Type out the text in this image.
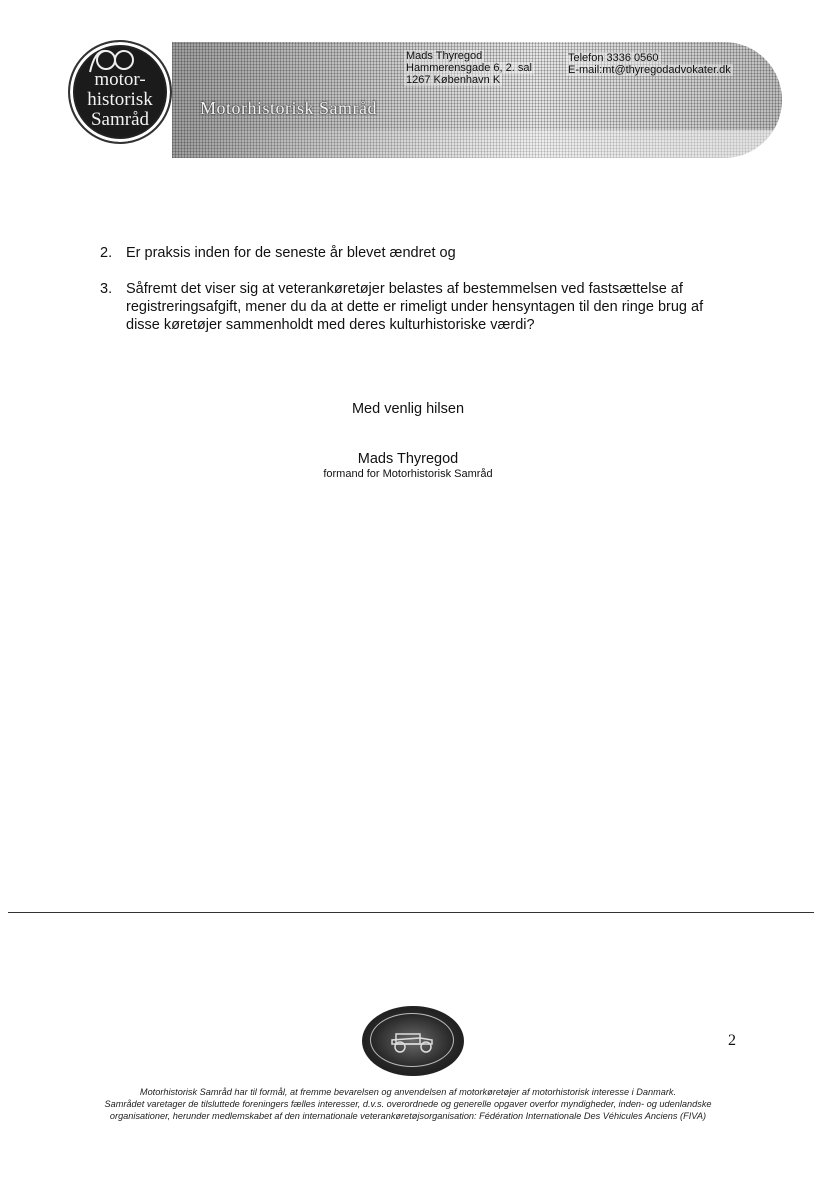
Motorhistorisk Samråd
Mads Thyregod
Hammerensgade 6, 2. sal
1267 København K
Telefon 3336 0560
E-mail:mt@thyregodadvokater.dk
motor-
historisk
Samråd
2. Er praksis inden for de seneste år blevet ændret og
3. Såfremt det viser sig at veterankøretøjer belastes af bestemmelsen ved fastsættelse af registreringsafgift, mener du da at dette er rimeligt under hensyntagen til den ringe brug af disse køretøjer sammenholdt med deres kulturhistoriske værdi?
Med venlig hilsen
Mads Thyregod
formand for Motorhistorisk Samråd
2
Motorhistorisk Samråd har til formål, at fremme bevarelsen og anvendelsen af motorkøretøjer af motorhistorisk interesse i Danmark.
Samrådet varetager de tilsluttede foreningers fælles interesser, d.v.s. overordnede og generelle opgaver overfor myndigheder, inden- og udenlandske
organisationer, herunder medlemskabet af den internationale veterankøretøjsorganisation: Fédération Internationale Des Véhicules Anciens (FIVA)
